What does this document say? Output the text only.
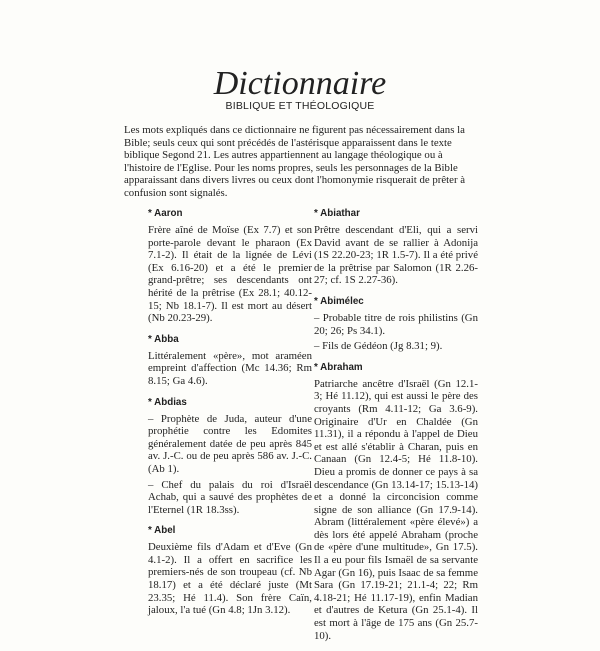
Dictionnaire
BIBLIQUE ET THÉOLOGIQUE

Les mots expliqués dans ce dictionnaire ne figurent pas nécessairement dans la Bible; seuls ceux qui sont précédés de l'astérisque apparaissent dans le texte biblique Segond 21. Les autres appartiennent au langage théologique ou à l'histoire de l'Eglise. Pour les noms propres, seuls les personnages de la Bible apparaissant dans divers livres ou ceux dont l'homonymie risquerait de prêter à confusion sont signalés.

* Aaron

Frère aîné de Moïse (Ex 7.7) et son porte-parole devant le pharaon (Ex 7.1-2). Il était de la lignée de Lévi (Ex 6.16-20) et a été le premier grand-prêtre; ses descendants ont hérité de la prêtrise (Ex 28.1; 40.12-15; Nb 18.1-7). Il est mort au désert (Nb 20.23-29).

* Abba

Littéralement «père», mot araméen empreint d'affection (Mc 14.36; Rm 8.15; Ga 4.6).

* Abdias

– Prophète de Juda, auteur d'une prophétie contre les Edomites généralement datée de peu après 845 av. J.-C. ou de peu après 586 av. J.-C. (Ab 1).

– Chef du palais du roi d'Israël Achab, qui a sauvé des prophètes de l'Eternel (1R 18.3ss).

* Abel

Deuxième fils d'Adam et d'Eve (Gn 4.1-2). Il a offert en sacrifice les premiers-nés de son troupeau (cf. Nb 18.17) et a été déclaré juste (Mt 23.35; Hé 11.4). Son frère Caïn, jaloux, l'a tué (Gn 4.8; 1Jn 3.12).

* Abiathar

Prêtre descendant d'Eli, qui a servi David avant de se rallier à Adonija (1S 22.20-23; 1R 1.5-7). Il a été privé de la prêtrise par Salomon (1R 2.26-27; cf. 1S 2.27-36).

* Abimélec

– Probable titre de rois philistins (Gn 20; 26; Ps 34.1).

– Fils de Gédéon (Jg 8.31; 9).

* Abraham

Patriarche ancêtre d'Israël (Gn 12.1-3; Hé 11.12), qui est aussi le père des croyants (Rm 4.11-12; Ga 3.6-9). Originaire d'Ur en Chaldée (Gn 11.31), il a répondu à l'appel de Dieu et est allé s'établir à Charan, puis en Canaan (Gn 12.4-5; Hé 11.8-10). Dieu a promis de donner ce pays à sa descendance (Gn 13.14-17; 15.13-14) et a donné la circoncision comme signe de son alliance (Gn 17.9-14). Abram (littéralement «père élevé») a dès lors été appelé Abraham (proche de «père d'une multitude», Gn 17.5). Il a eu pour fils Ismaël de sa servante Agar (Gn 16), puis Isaac de sa femme Sara (Gn 17.19-21; 21.1-4; 22; Rm 4.18-21; Hé 11.17-19), enfin Madian et d'autres de Ketura (Gn 25.1-4). Il est mort à l'âge de 175 ans (Gn 25.7-10).
